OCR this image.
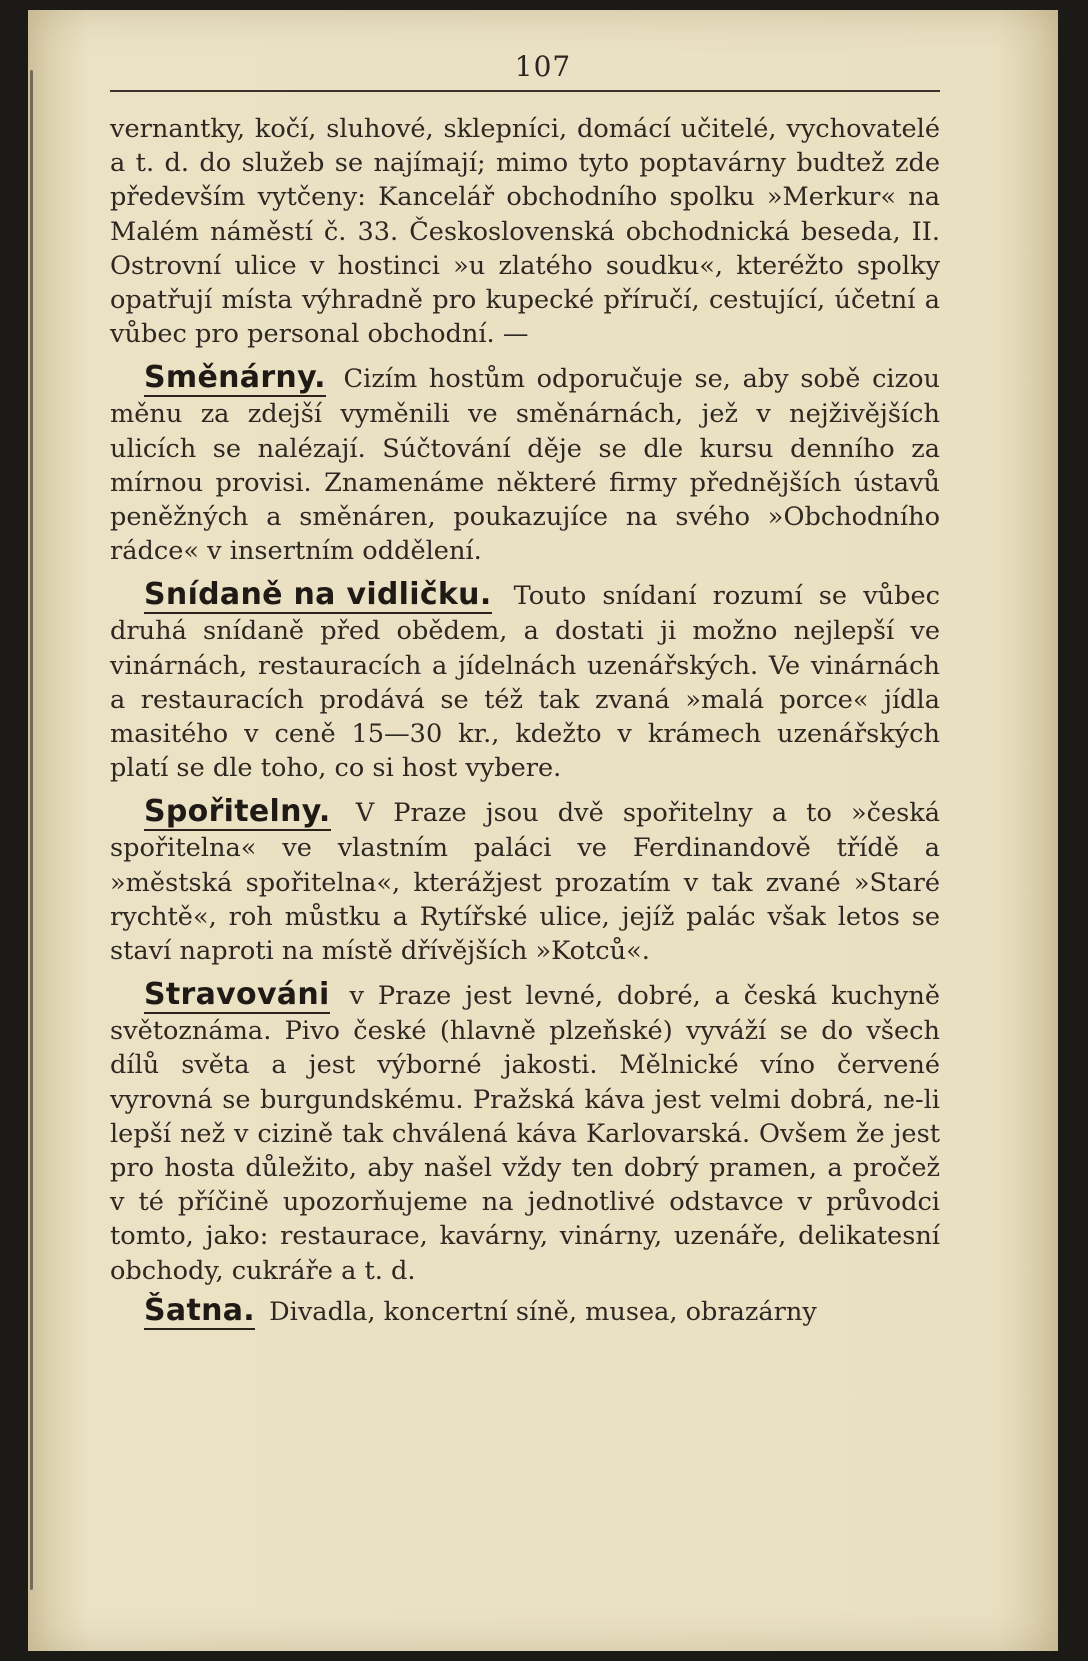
107

vernantky, kočí, sluhové, sklepníci, domácí učitelé, vychovatelé a t. d. do služeb se najímají; mimo tyto poptavárny budtež zde především vytčeny: Kancelář obchodního spolku »Merkur« na Malém náměstí č. 33. Československá obchodnická beseda, II. Ostrovní ulice v hostinci »u zlatého soudku«, kteréžto spolky opatřují místa výhradně pro kupecké příručí, cestující, účetní a vůbec pro personal obchodní. —

Směnárny. Cizím hostům odporučuje se, aby sobě cizou měnu za zdejší vyměnili ve směnárnách, jež v nejživějších ulicích se nalézají. Súčtování děje se dle kursu denního za mírnou provisi. Znamenáme některé firmy přednějších ústavů peněžných a směnáren, poukazujíce na svého »Obchodního rádce« v insertním oddělení.

Snídaně na vidličku. Touto snídaní rozumí se vůbec druhá snídaně před obědem, a dostati ji možno nejlepší ve vinárnách, restauracích a jídelnách uzenářských. Ve vinárnách a restauracích prodává se též tak zvaná »malá porce« jídla masitého v ceně 15—30 kr., kdežto v krámech uzenářských platí se dle toho, co si host vybere.

Spořitelny. V Praze jsou dvě spořitelny a to »česká spořitelna« ve vlastním paláci ve Ferdinandově třídě a »městská spořitelna«, kterážjest prozatím v tak zvané »Staré rychtě«, roh můstku a Rytířské ulice, jejíž palác však letos se staví naproti na místě dřívějších »Kotců«.

Stravováni v Praze jest levné, dobré, a česká kuchyně světoznáma. Pivo české (hlavně plzeňské) vyváží se do všech dílů světa a jest výborné jakosti. Mělnické víno červené vyrovná se burgundskému. Pražská káva jest velmi dobrá, ne-li lepší než v cizině tak chválená káva Karlovarská. Ovšem že jest pro hosta důležito, aby našel vždy ten dobrý pramen, a pročež v té příčině upozorňujeme na jednotlivé odstavce v průvodci tomto, jako: restaurace, kavárny, vinárny, uzenáře, delikatesní obchody, cukráře a t. d.

Šatna. Divadla, koncertní síně, musea, obrazárny
